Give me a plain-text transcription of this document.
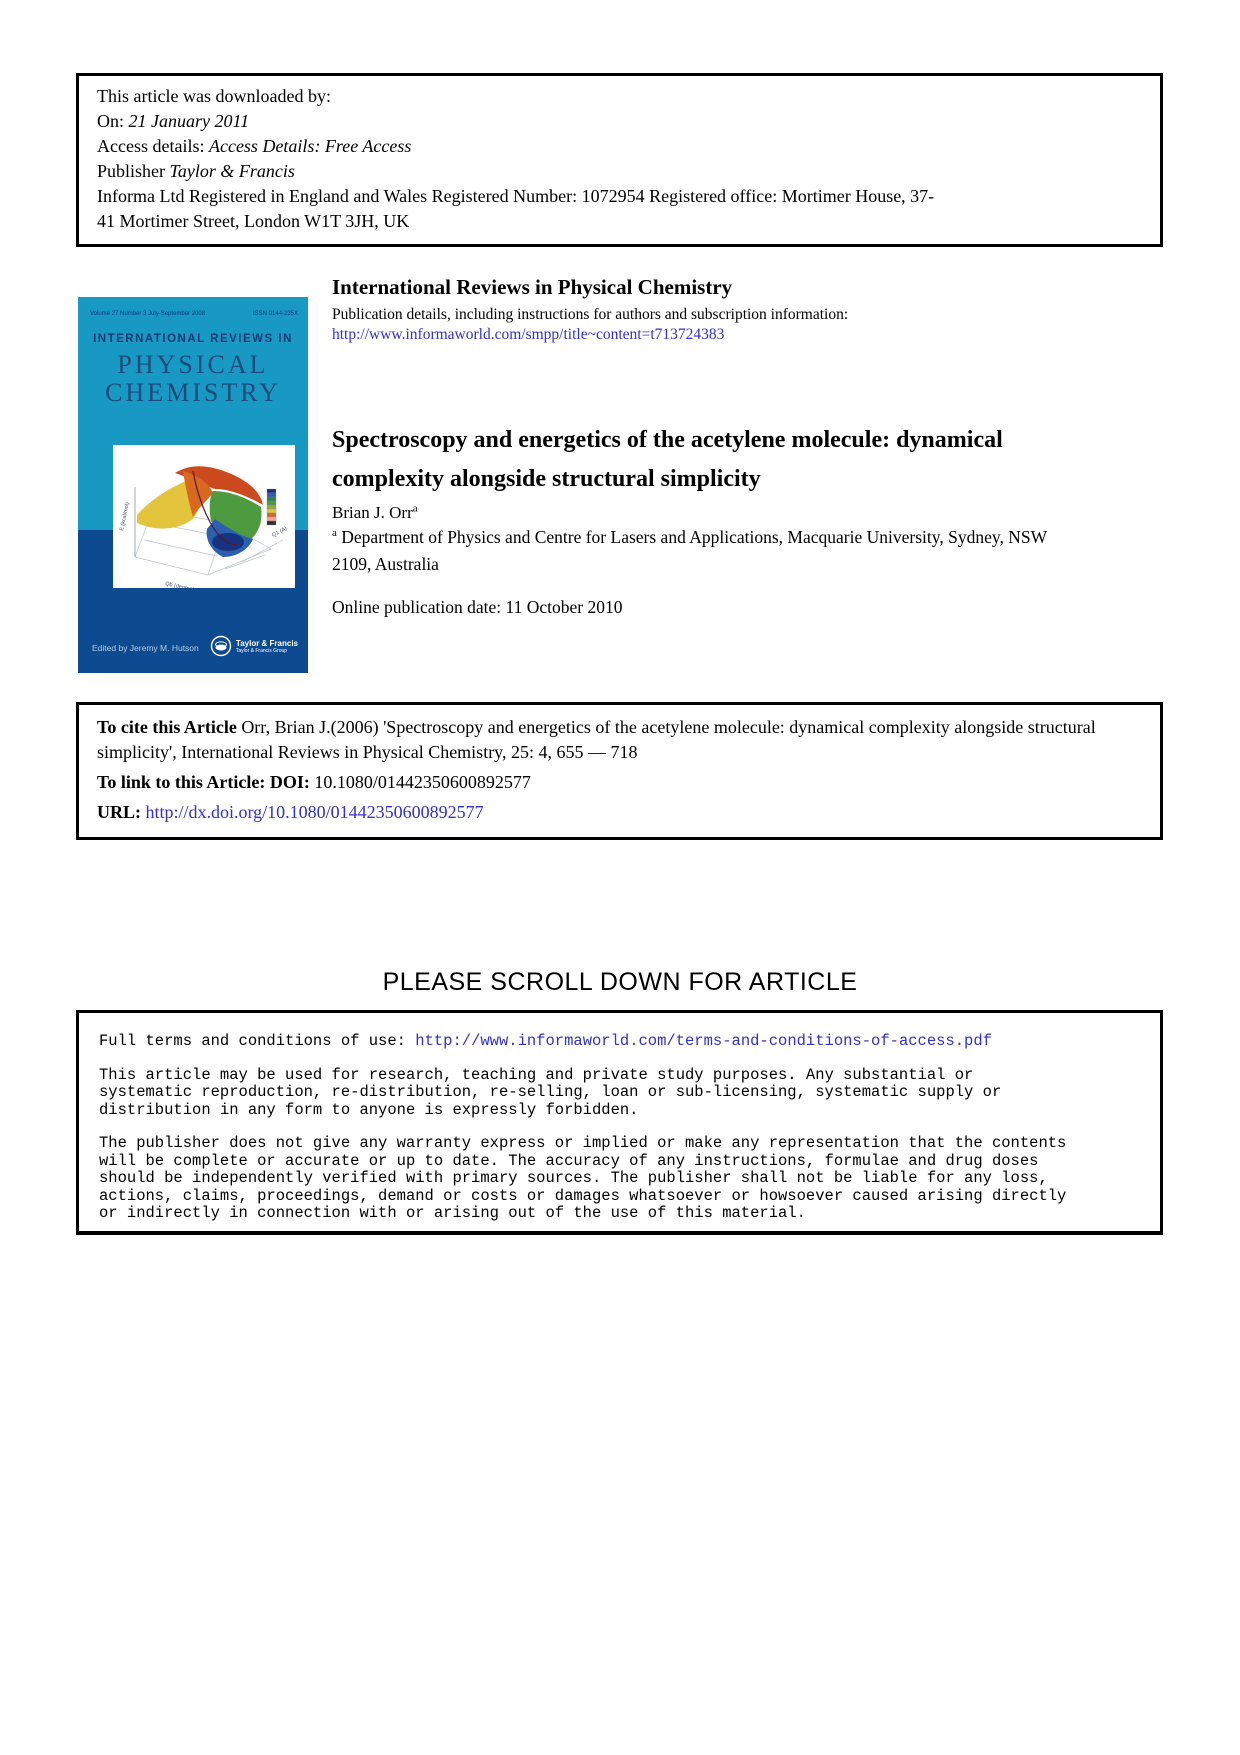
This article was downloaded by:
On: 21 January 2011
Access details: Access Details: Free Access
Publisher Taylor & Francis
Informa Ltd Registered in England and Wales Registered Number: 1072954 Registered office: Mortimer House, 37-
41 Mortimer Street, London W1T 3JH, UK
Volume 27 Number 3 July-September 2008	ISSN 0144-235X
INTERNATIONAL REVIEWS IN
PHYSICAL
CHEMISTRY
E (kcal/mol)
Qb (degree)
Q1 (A)
Edited by Jeremy M. Hutson	Taylor & Francis
Taylor & Francis Group
International Reviews in Physical Chemistry
Publication details, including instructions for authors and subscription information:
http://www.informaworld.com/smpp/title~content=t713724383
Spectroscopy and energetics of the acetylene molecule: dynamical
complexity alongside structural simplicity
Brian J. Orr$^a$
$^a$ Department of Physics and Centre for Lasers and Applications, Macquarie University, Sydney, NSW 2109, Australia
Online publication date: 11 October 2010

To cite this Article Orr, Brian J.(2006) 'Spectroscopy and energetics of the acetylene molecule: dynamical complexity alongside structural simplicity', International Reviews in Physical Chemistry, 25: 4, 655 — 718

To link to this Article: DOI: 10.1080/01442350600892577

URL: http://dx.doi.org/10.1080/01442350600892577

PLEASE SCROLL DOWN FOR ARTICLE

Full terms and conditions of use: http://www.informaworld.com/terms-and-conditions-of-access.pdf

This article may be used for research, teaching and private study purposes. Any substantial or systematic reproduction, re-distribution, re-selling, loan or sub-licensing, systematic supply or distribution in any form to anyone is expressly forbidden.

The publisher does not give any warranty express or implied or make any representation that the contents will be complete or accurate or up to date. The accuracy of any instructions, formulae and drug doses should be independently verified with primary sources. The publisher shall not be liable for any loss, actions, claims, proceedings, demand or costs or damages whatsoever or howsoever caused arising directly or indirectly in connection with or arising out of the use of this material.
